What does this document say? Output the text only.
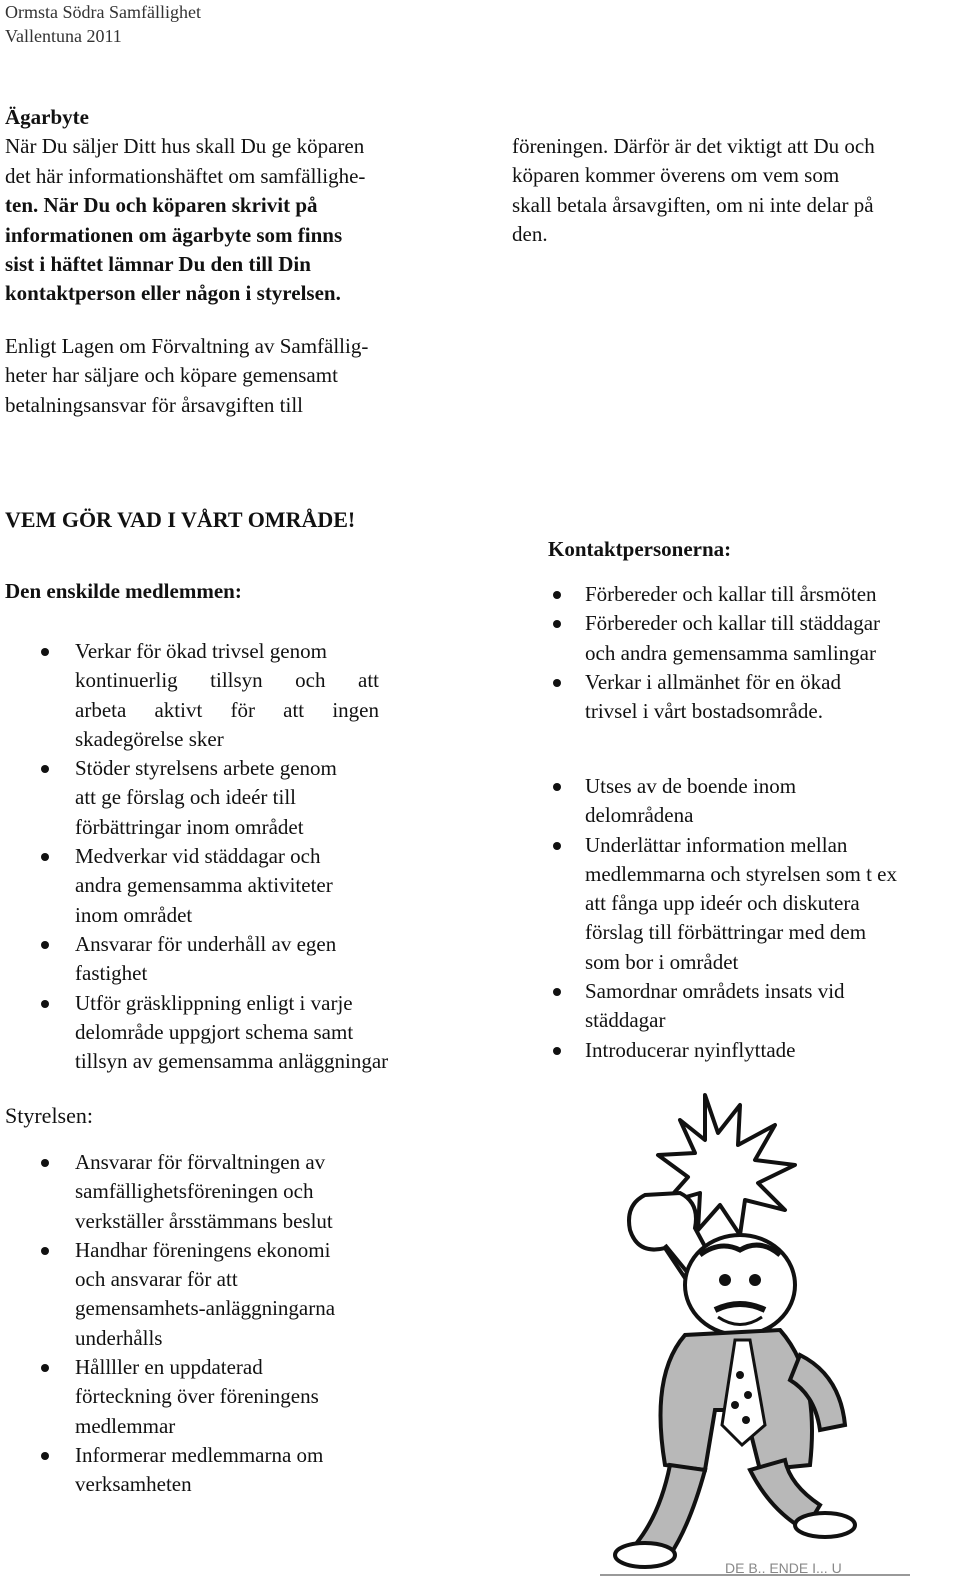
Ormsta Södra Samfällighet
Vallentuna 2011
Ägarbyte
När Du säljer Ditt hus skall Du ge köparen
det här informationshäftet om samfällighe-
ten. När Du och köparen skrivit på
informationen om ägarbyte som finns
sist i häftet lämnar Du den till Din
kontaktperson eller någon i styrelsen.
Enligt Lagen om Förvaltning av Samfällig-
heter har säljare och köpare gemensamt
betalningsansvar för årsavgiften till
föreningen. Därför är det viktigt att Du och
köparen kommer överens om vem som
skall betala årsavgiften, om ni inte delar på
den.
VEM GÖR VAD I VÅRT OMRÅDE!
Den enskilde medlemmen:
Verkar för ökad trivsel genom
kontinuerlig tillsyn och att
arbeta aktivt för att ingen
skadegörelse sker
Stöder styrelsens arbete genom
att ge förslag och ideér till
förbättringar inom området
Medverkar vid städdagar och
andra gemensamma aktiviteter
inom området
Ansvarar för underhåll av egen
fastighet
Utför gräsklippning enligt i varje
delområde uppgjort schema samt
tillsyn av gemensamma anläggningar
Styrelsen:
Ansvarar för förvaltningen av
samfällighetsföreningen och
verkställer årsstämmans beslut
Handhar föreningens ekonomi
och ansvarar för att
gemensamhets-anläggningarna
underhålls
Hållller en uppdaterad
förteckning över föreningens
medlemmar
Informerar medlemmarna om
verksamheten
Kontaktpersonerna:
Förbereder och kallar till årsmöten
Förbereder och kallar till städdagar
och andra gemensamma samlingar
Verkar i allmänhet för en ökad
trivsel i vårt bostadsområde.
Utses av de boende inom
delområdena
Underlättar information mellan
medlemmarna och styrelsen som t ex
att fånga upp ideér och diskutera
förslag till förbättringar med dem
som bor i området
Samordnar områdets insats vid
städdagar
Introducerar nyinflyttade
DE B.. ENDE I... U
